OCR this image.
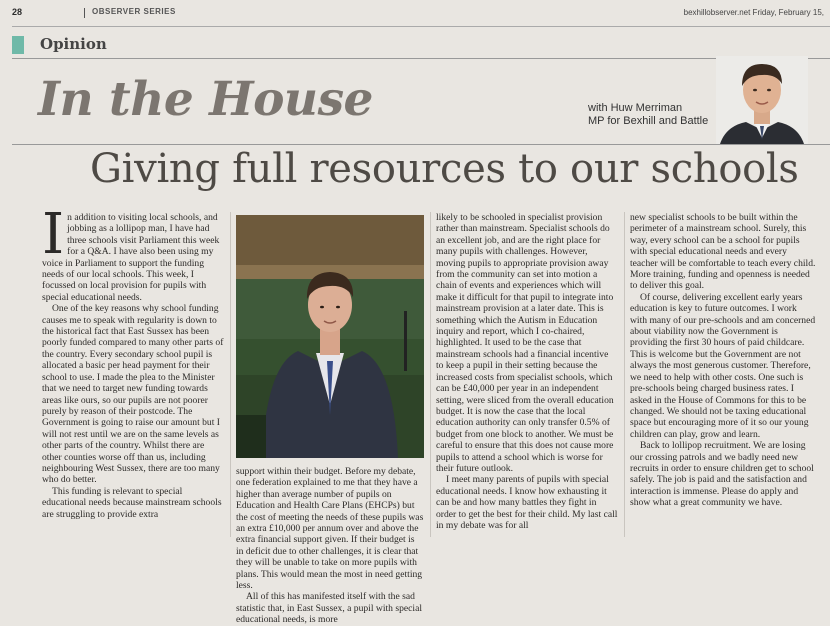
28	OBSERVER SERIES	bexhillobserver.net Friday, February 15,
Opinion
In the House	with Huw Merriman
MP for Bexhill and Battle
Giving full resources to our schools
I n addition to visiting local schools, and jobbing as a lollipop man, I have had three schools visit Parliament this week for a Q&A. I have also been using my voice in Parliament to support the funding needs of our local schools. This week, I focussed on local provision for pupils with special educational needs.

One of the key reasons why school funding causes me to speak with regularity is down to the historical fact that East Sussex has been poorly funded compared to many other parts of the country. Every secondary school pupil is allocated a basic per head payment for their school to use. I made the plea to the Minister that we need to target new funding towards areas like ours, so our pupils are not poorer purely by reason of their postcode. The Government is going to raise our amount but I will not rest until we are on the same levels as other parts of the country. Whilst there are other counties worse off than us, including neighbouring West Sussex, there are too many who do better.

This funding is relevant to special educational needs because mainstream schools are struggling to provide extra

support within their budget. Before my debate, one federation explained to me that they have a higher than average number of pupils on Education and Health Care Plans (EHCPs) but the cost of meeting the needs of these pupils was an extra £10,000 per annum over and above the extra financial support given. If their budget is in deficit due to other challenges, it is clear that they will be unable to take on more pupils with plans. This would mean the most in need getting less.

All of this has manifested itself with the sad statistic that, in East Sussex, a pupil with special educational needs, is more

likely to be schooled in specialist provision rather than mainstream. Specialist schools do an excellent job, and are the right place for many pupils with challenges. However, moving pupils to appropriate provision away from the community can set into motion a chain of events and experiences which will make it difficult for that pupil to integrate into mainstream provision at a later date. This is something which the Autism in Education inquiry and report, which I co-chaired, highlighted. It used to be the case that mainstream schools had a financial incentive to keep a pupil in their setting because the increased costs from specialist schools, which can be £40,000 per year in an independent setting, were sliced from the overall education budget. It is now the case that the local education authority can only transfer 0.5% of budget from one block to another. We must be careful to ensure that this does not cause more pupils to attend a school which is worse for their future outlook.

I meet many parents of pupils with special educational needs. I know how exhausting it can be and how many battles they fight in order to get the best for their child. My last call in my debate was for all

new specialist schools to be built within the perimeter of a mainstream school. Surely, this way, every school can be a school for pupils with special educational needs and every teacher will be comfortable to teach every child. More training, funding and openness is needed to deliver this goal.

Of course, delivering excellent early years education is key to future outcomes. I work with many of our pre-schools and am concerned about viability now the Government is providing the first 30 hours of paid childcare. This is welcome but the Government are not always the most generous customer. Therefore, we need to help with other costs. One such is pre-schools being charged business rates. I asked in the House of Commons for this to be changed. We should not be taxing educational space but encouraging more of it so our young children can play, grow and learn.

Back to lollipop recruitment. We are losing our crossing patrols and we badly need new recruits in order to ensure children get to school safely. The job is paid and the satisfaction and interaction is immense. Please do apply and show what a great community we have.
